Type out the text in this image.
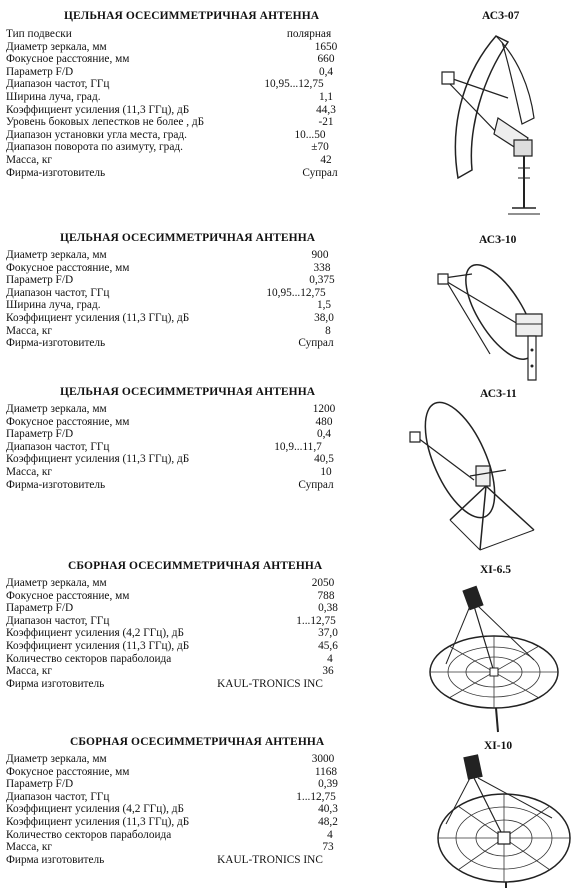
ЦЕЛЬНАЯ ОСЕСИММЕТРИЧНАЯ АНТЕННА	АСЗ-07
Тип подвески	полярная
Диаметр зеркала, мм	1650
Фокусное расстояние, мм	660
Параметр F/D	0,4
Диапазон частот, ГГц	10,95...12,75
Ширина луча, град.	1,1
Коэффициент усиления (11,3 ГГц), дБ	44,3
Уровень боковых лепестков не более , дБ	-21
Диапазон установки угла места, град.	10...50
Диапазон поворота по азимуту, град.	±70
Масса, кг	42
Фирма-изготовитель	Супрал
ЦЕЛЬНАЯ ОСЕСИММЕТРИЧНАЯ АНТЕННА	АСЗ-10
Диаметр зеркала, мм	900
Фокусное расстояние, мм	338
Параметр F/D	0,375
Диапазон частот, ГГц	10,95...12,75
Ширина луча, град.	1,5
Коэффициент усиления (11,3 ГГц), дБ	38,0
Масса, кг	8
Фирма-изготовитель	Супрал
ЦЕЛЬНАЯ ОСЕСИММЕТРИЧНАЯ АНТЕННА	АСЗ-11
Диаметр зеркала, мм	1200
Фокусное расстояние, мм	480
Параметр F/D	0,4
Диапазон частот, ГГц	10,9...11,7
Коэффициент усиления (11,3 ГГц), дБ	40,5
Масса, кг	10
Фирма-изготовитель	Супрал
СБОРНАЯ ОСЕСИММЕТРИЧНАЯ АНТЕННА	XI-6.5
Диаметр зеркала, мм	2050
Фокусное расстояние, мм	788
Параметр F/D	0,38
Диапазон частот, ГГц	1...12,75
Коэффициент усиления (4,2 ГГц), дБ	37,0
Коэффициент усиления (11,3 ГГц), дБ	45,6
Количество секторов параболоида	4
Масса, кг	36
Фирма изготовитель	KAUL-TRONICS INC
СБОРНАЯ ОСЕСИММЕТРИЧНАЯ АНТЕННА	XI-10
Диаметр зеркала, мм	3000
Фокусное расстояние, мм	1168
Параметр F/D	0,39
Диапазон частот, ГГц	1...12,75
Коэффициент усиления (4,2 ГГц), дБ	40,3
Коэффициент усиления (11,3 ГГц), дБ	48,2
Количество секторов параболоида	4
Масса, кг	73
Фирма изготовитель	KAUL-TRONICS INC
